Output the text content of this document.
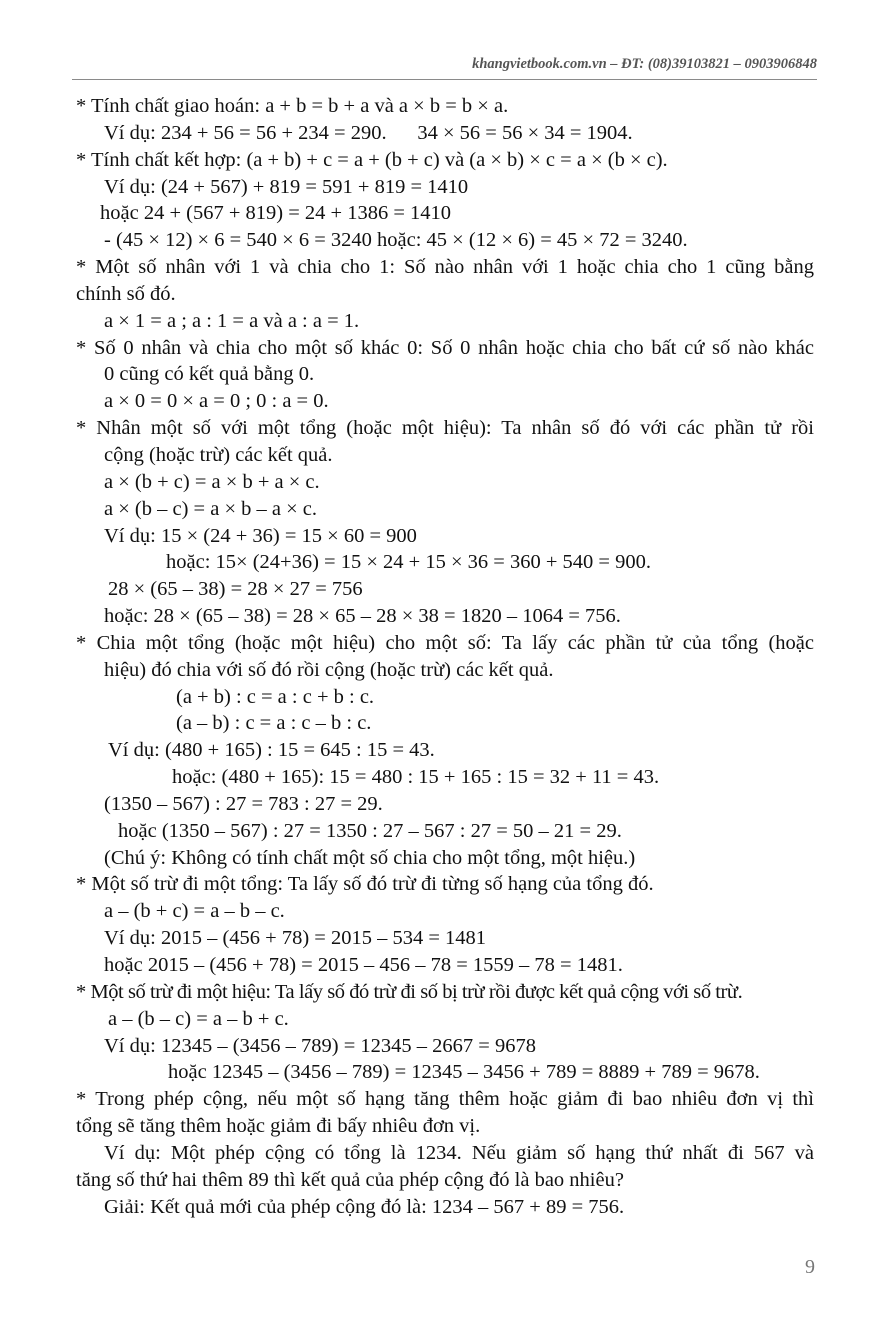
khangvietbook.com.vn – ĐT: (08)39103821 – 0903906848
* Tính chất giao hoán: a + b = b + a và a × b = b × a.
Ví dụ: 234 + 56 = 56 + 234 = 290.      34 × 56 = 56 × 34 = 1904.
* Tính chất kết hợp: (a + b) + c = a + (b + c) và (a × b) × c = a × (b × c).
Ví dụ: (24 + 567) + 819 = 591 + 819 = 1410
hoặc 24 + (567 + 819) = 24 + 1386 = 1410
- (45 × 12) × 6 = 540 × 6 = 3240 hoặc: 45 × (12 × 6) = 45 × 72 = 3240.
* Một số nhân với 1 và chia cho 1: Số nào nhân với 1 hoặc chia cho 1 cũng bằng
chính số đó.
a × 1 = a ; a : 1 = a và a : a = 1.
* Số 0 nhân và chia cho một số khác 0: Số 0 nhân hoặc chia cho bất cứ số nào khác
0 cũng có kết quả bằng 0.
a × 0 = 0 × a = 0 ; 0 : a = 0.
* Nhân một số với một tổng (hoặc một hiệu): Ta nhân số đó với các phần tử rồi
cộng (hoặc trừ) các kết quả.
a × (b + c) = a × b + a × c.
a × (b – c) = a × b – a × c.
Ví dụ: 15 × (24 + 36) = 15 × 60 = 900
hoặc: 15× (24+36) = 15 × 24 + 15 × 36 = 360 + 540 = 900.
28 × (65 – 38) = 28 × 27 = 756
hoặc: 28 × (65 – 38) = 28 × 65 – 28 × 38 = 1820 – 1064 = 756.
* Chia một tổng (hoặc một hiệu) cho một số: Ta lấy các phần tử của tổng (hoặc
hiệu) đó chia với số đó rồi cộng (hoặc trừ) các kết quả.
(a + b) : c = a : c + b : c.
(a – b) : c = a : c – b : c.
Ví dụ: (480 + 165) : 15 = 645 : 15 = 43.
hoặc: (480 + 165): 15 = 480 : 15 + 165 : 15 = 32 + 11 = 43.
(1350 – 567) : 27 = 783 : 27 = 29.
hoặc (1350 – 567) : 27 = 1350 : 27 – 567 : 27 = 50 – 21 = 29.
(Chú ý: Không có tính chất một số chia cho một tổng, một hiệu.)
* Một số trừ đi một tổng: Ta lấy số đó trừ đi từng số hạng của tổng đó.
a – (b + c) = a – b – c.
Ví dụ: 2015 – (456 + 78) = 2015 – 534 = 1481
hoặc 2015 – (456 + 78) = 2015 – 456 – 78 = 1559 – 78 = 1481.
* Một số trừ đi một hiệu: Ta lấy số đó trừ đi số bị trừ rồi được kết quả cộng với số trừ.
a – (b – c) = a – b + c.
Ví dụ: 12345 – (3456 – 789) = 12345 – 2667 = 9678
hoặc 12345 – (3456 – 789) = 12345 – 3456 + 789 = 8889 + 789 = 9678.
* Trong phép cộng, nếu một số hạng tăng thêm hoặc giảm đi bao nhiêu đơn vị thì
tổng sẽ tăng thêm hoặc giảm đi bấy nhiêu đơn vị.
Ví dụ: Một phép cộng có tổng là 1234. Nếu giảm số hạng thứ nhất đi 567 và
tăng số thứ hai thêm 89 thì kết quả của phép cộng đó là bao nhiêu?
Giải: Kết quả mới của phép cộng đó là: 1234 – 567 + 89 = 756.
9
